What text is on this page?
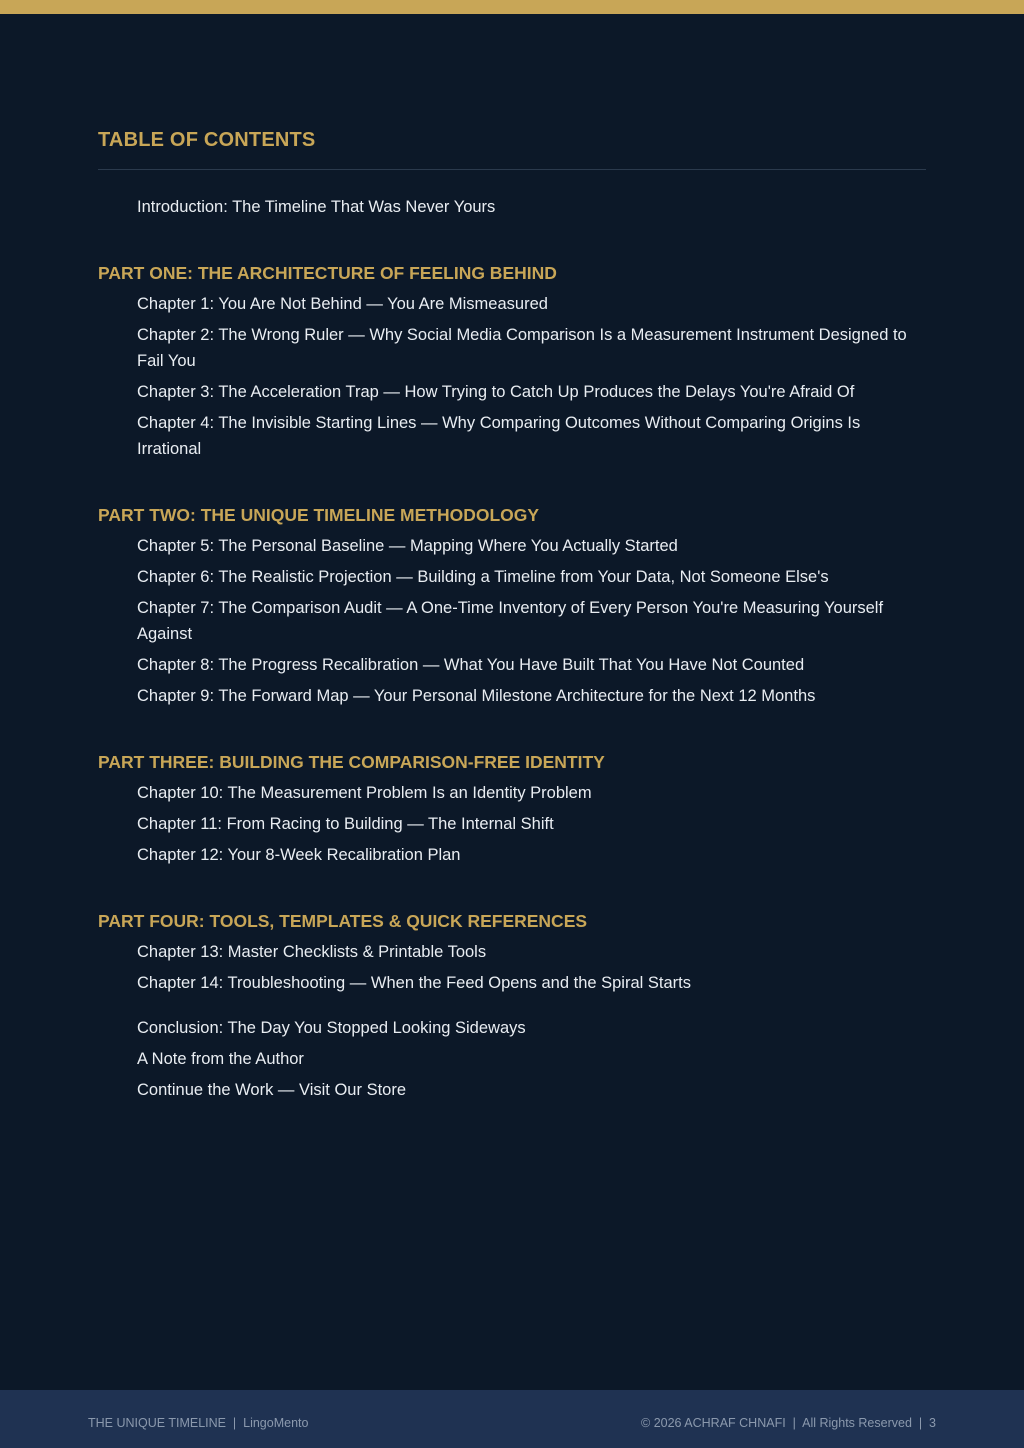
TABLE OF CONTENTS
Introduction: The Timeline That Was Never Yours
PART ONE: THE ARCHITECTURE OF FEELING BEHIND
Chapter 1: You Are Not Behind — You Are Mismeasured
Chapter 2: The Wrong Ruler — Why Social Media Comparison Is a Measurement Instrument Designed to Fail You
Chapter 3: The Acceleration Trap — How Trying to Catch Up Produces the Delays You're Afraid Of
Chapter 4: The Invisible Starting Lines — Why Comparing Outcomes Without Comparing Origins Is Irrational
PART TWO: THE UNIQUE TIMELINE METHODOLOGY
Chapter 5: The Personal Baseline — Mapping Where You Actually Started
Chapter 6: The Realistic Projection — Building a Timeline from Your Data, Not Someone Else's
Chapter 7: The Comparison Audit — A One-Time Inventory of Every Person You're Measuring Yourself Against
Chapter 8: The Progress Recalibration — What You Have Built That You Have Not Counted
Chapter 9: The Forward Map — Your Personal Milestone Architecture for the Next 12 Months
PART THREE: BUILDING THE COMPARISON-FREE IDENTITY
Chapter 10: The Measurement Problem Is an Identity Problem
Chapter 11: From Racing to Building — The Internal Shift
Chapter 12: Your 8-Week Recalibration Plan
PART FOUR: TOOLS, TEMPLATES & QUICK REFERENCES
Chapter 13: Master Checklists & Printable Tools
Chapter 14: Troubleshooting — When the Feed Opens and the Spiral Starts
Conclusion: The Day You Stopped Looking Sideways
A Note from the Author
Continue the Work — Visit Our Store
THE UNIQUE TIMELINE  |  LingoMento	© 2026 ACHRAF CHNAFI  |  All Rights Reserved  |  3
